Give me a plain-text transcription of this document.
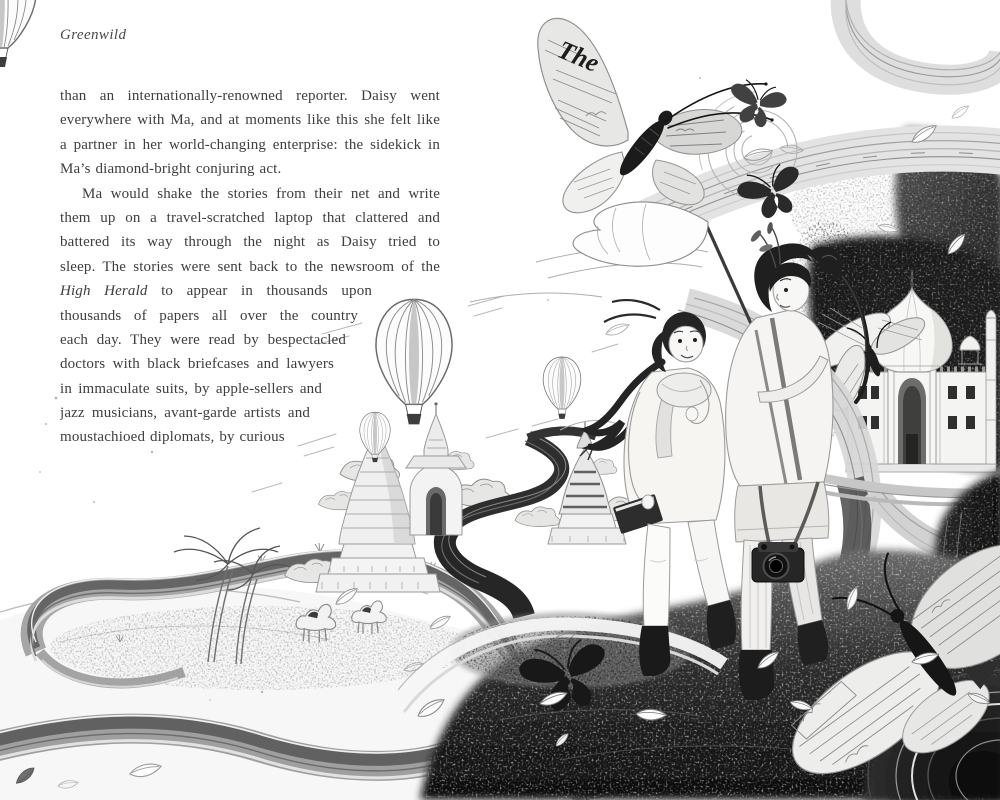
Greenwild
than an internationally-renowned reporter. Daisy went
everywhere with Ma, and at moments like this she felt like
a partner in her world-changing enterprise: the sidekick in
Ma’s diamond-bright conjuring act.
Ma would shake the stories from their net and write
them up on a travel-scratched laptop that clattered and
battered its way through the night as Daisy tried to
sleep. The stories were sent back to the newsroom of the
High Herald to appear in thousands upon
thousands of papers all over the country
each day. They were read by bespectacled
doctors with black briefcases and lawyers
in immaculate suits, by apple-sellers and
jazz musicians, avant-garde artists and
moustachioed diplomats, by curious
The
